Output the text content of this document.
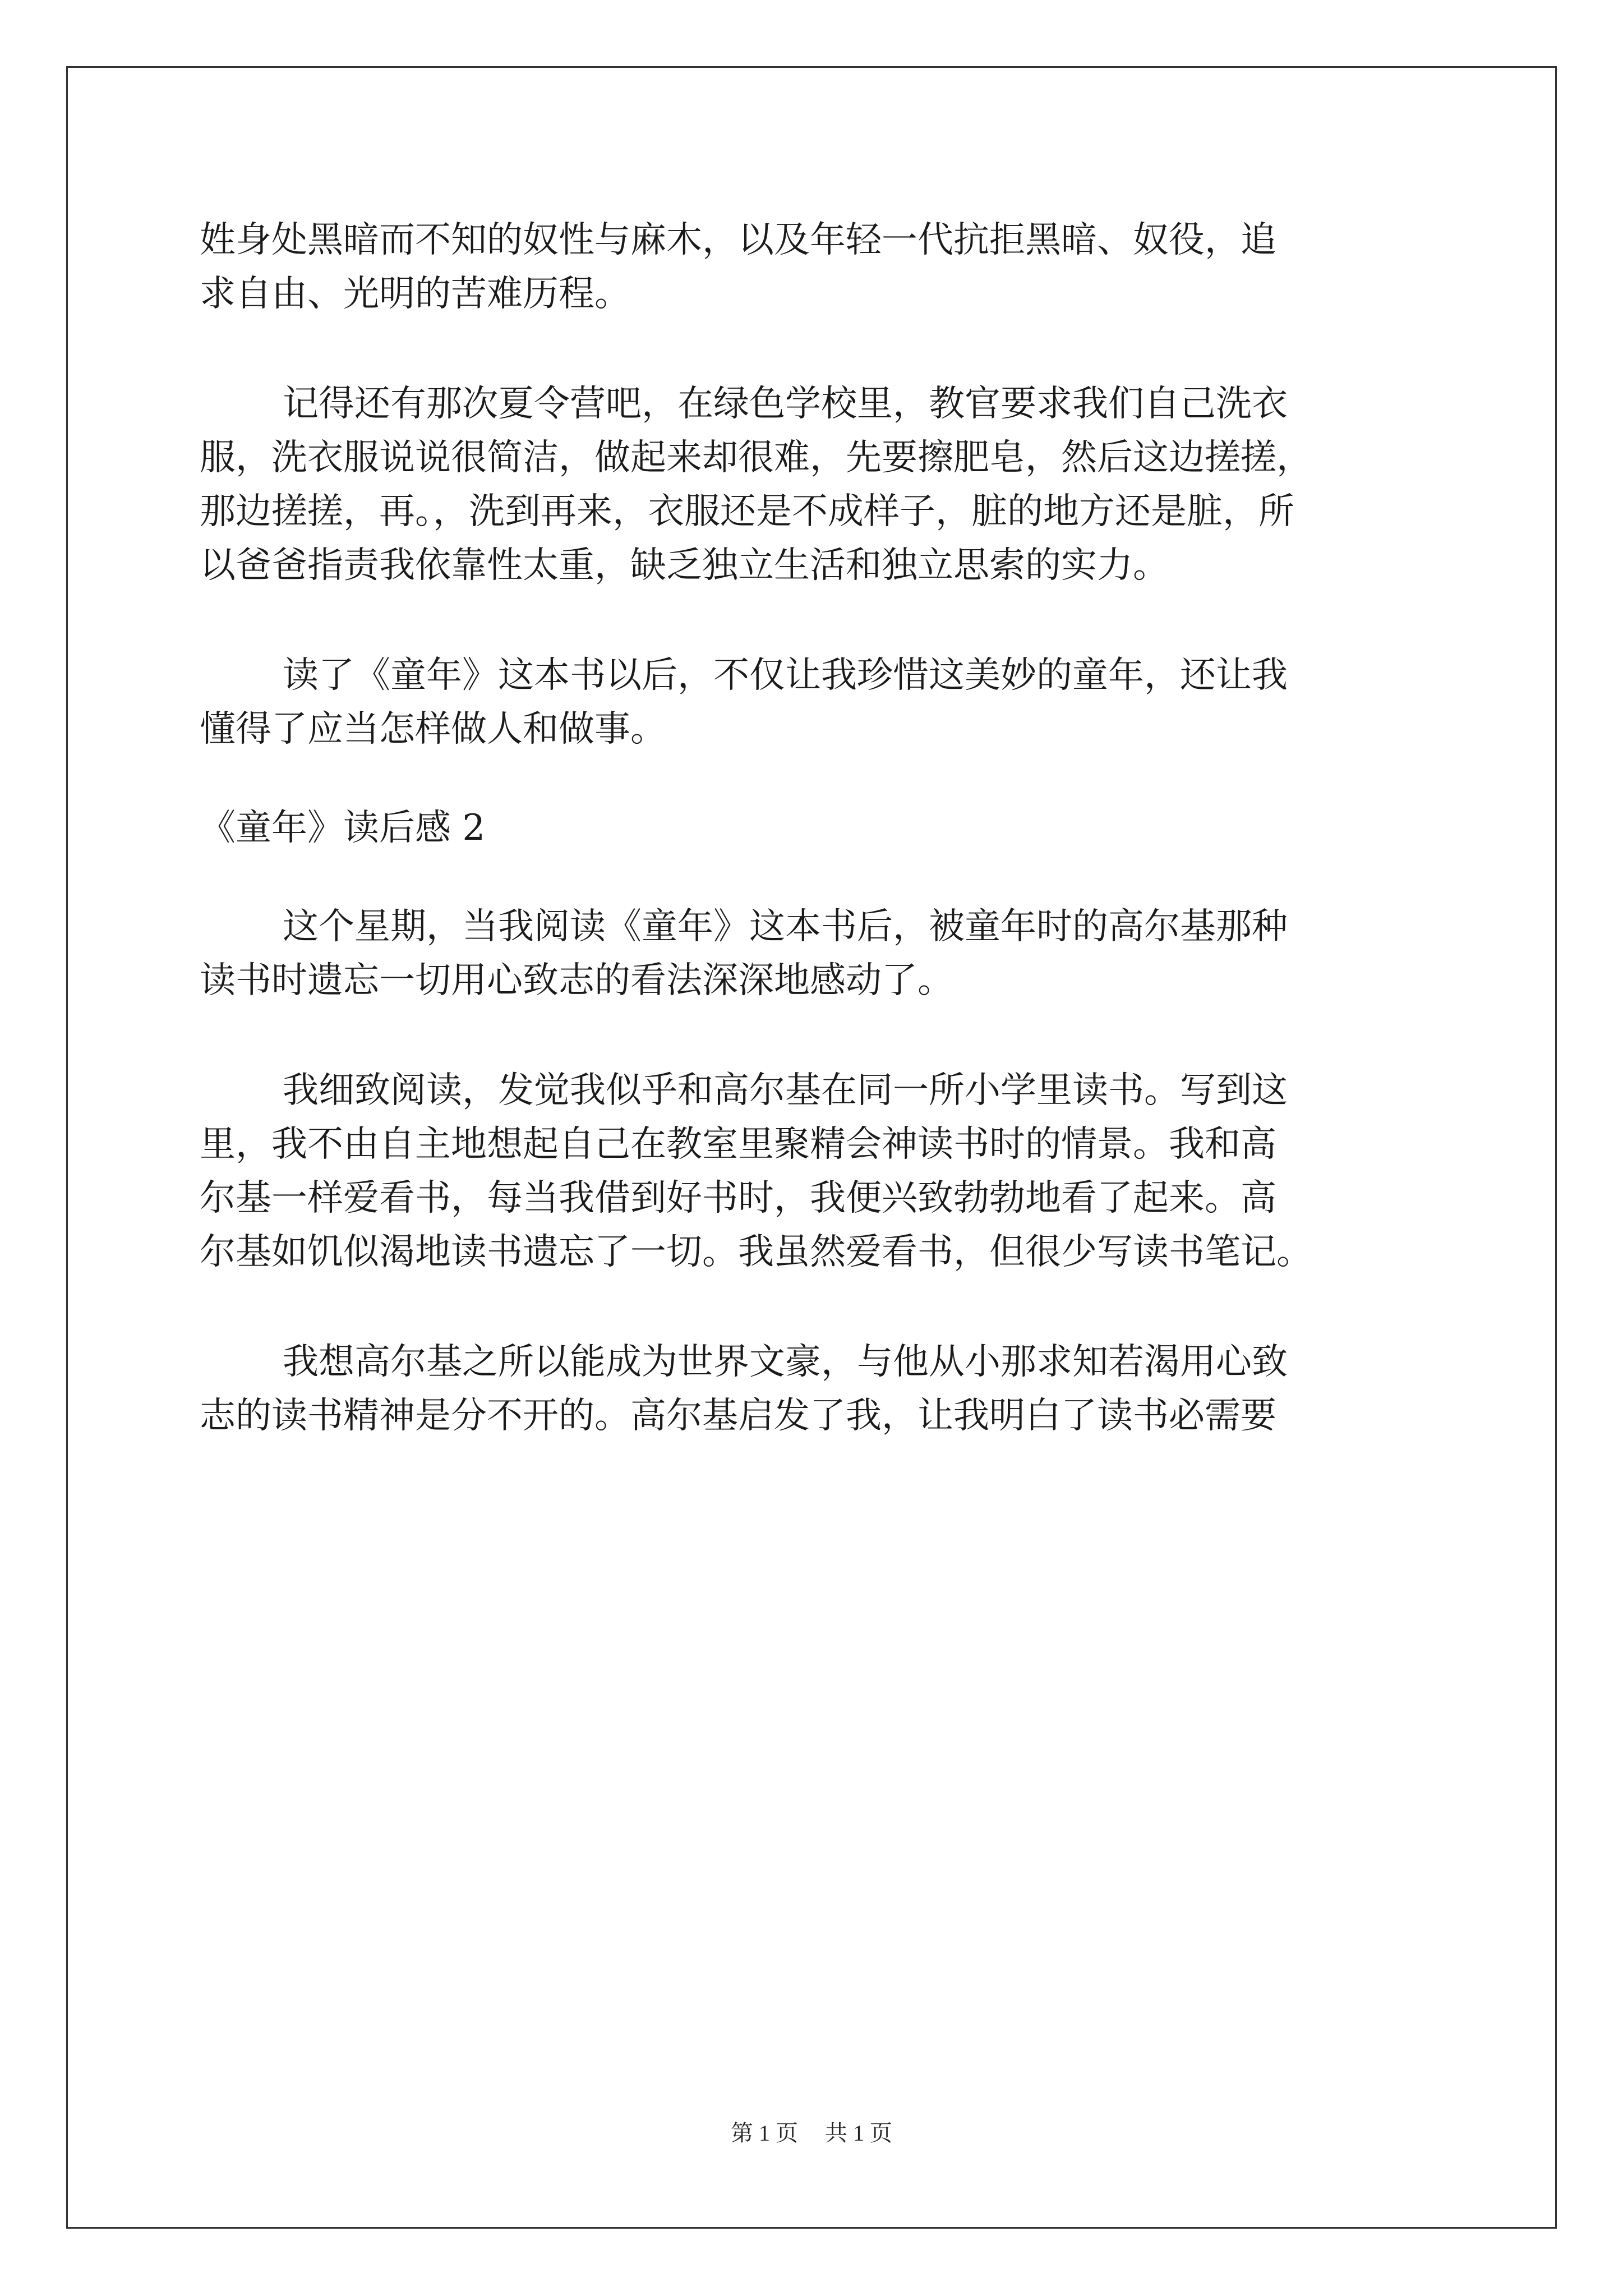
姓身处黑暗而不知的奴性与麻木，以及年轻一代抗拒黑暗、奴役，追
求自由、光明的苦难历程。
记得还有那次夏令营吧，在绿色学校里，教官要求我们自己洗衣
服，洗衣服说说很简洁，做起来却很难，先要擦肥皂，然后这边搓搓，
那边搓搓，再。，洗到再来，衣服还是不成样子，脏的地方还是脏，所
以爸爸指责我依靠性太重，缺乏独立生活和独立思索的实力。
读了《童年》这本书以后，不仅让我珍惜这美妙的童年，还让我
懂得了应当怎样做人和做事。
《童年》读后感 2
这个星期，当我阅读《童年》这本书后，被童年时的高尔基那种
读书时遗忘一切用心致志的看法深深地感动了。
我细致阅读，发觉我似乎和高尔基在同一所小学里读书。写到这
里，我不由自主地想起自己在教室里聚精会神读书时的情景。我和高
尔基一样爱看书，每当我借到好书时，我便兴致勃勃地看了起来。高
尔基如饥似渴地读书遗忘了一切。我虽然爱看书，但很少写读书笔记。
我想高尔基之所以能成为世界文豪，与他从小那求知若渴用心致
志的读书精神是分不开的。高尔基启发了我，让我明白了读书必需要
第 1 页 共 1 页
